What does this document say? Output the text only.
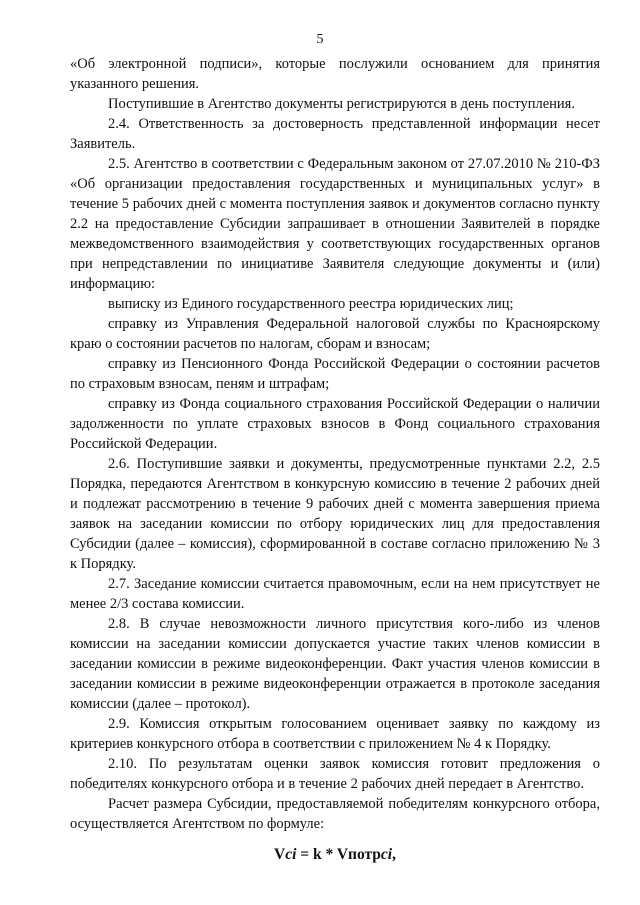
5

«Об электронной подписи», которые послужили основанием для принятия указанного решения.

Поступившие в Агентство документы регистрируются в день поступления.

2.4. Ответственность за достоверность представленной информации несет Заявитель.

2.5. Агентство в соответствии с Федеральным законом от 27.07.2010 № 210-ФЗ «Об организации предоставления государственных и муниципальных услуг» в течение 5 рабочих дней с момента поступления заявок и документов согласно пункту 2.2 на предоставление Субсидии запрашивает в отношении Заявителей в порядке межведомственного взаимодействия у соответствующих государственных органов при непредставлении по инициативе Заявителя следующие документы и (или) информацию:

выписку из Единого государственного реестра юридических лиц;

справку из Управления Федеральной налоговой службы по Красноярскому краю о состоянии расчетов по налогам, сборам и взносам;

справку из Пенсионного Фонда Российской Федерации о состоянии расчетов по страховым взносам, пеням и штрафам;

справку из Фонда социального страхования Российской Федерации о наличии задолженности по уплате страховых взносов в Фонд социального страхования Российской Федерации.

2.6. Поступившие заявки и документы, предусмотренные пунктами 2.2, 2.5 Порядка, передаются Агентством в конкурсную комиссию в течение 2 рабочих дней и подлежат рассмотрению в течение 9 рабочих дней с момента завершения приема заявок на заседании комиссии по отбору юридических лиц для предоставления Субсидии (далее – комиссия), сформированной в составе согласно приложению № 3 к Порядку.

2.7. Заседание комиссии считается правомочным, если на нем присутствует не менее 2/3 состава комиссии.

2.8. В случае невозможности личного присутствия кого-либо из членов комиссии на заседании комиссии допускается участие таких членов комиссии в заседании комиссии в режиме видеоконференции. Факт участия членов комиссии в заседании комиссии в режиме видеоконференции отражается в протоколе заседания комиссии (далее – протокол).

2.9. Комиссия открытым голосованием оценивает заявку по каждому из критериев конкурсного отбора в соответствии с приложением № 4 к Порядку.

2.10. По результатам оценки заявок комиссия готовит предложения о победителях конкурсного отбора и в течение 2 рабочих дней передает в Агентство.

Расчет размера Субсидии, предоставляемой победителям конкурсного отбора, осуществляется Агентством по формуле:

Vci = k * Vпотрci,
